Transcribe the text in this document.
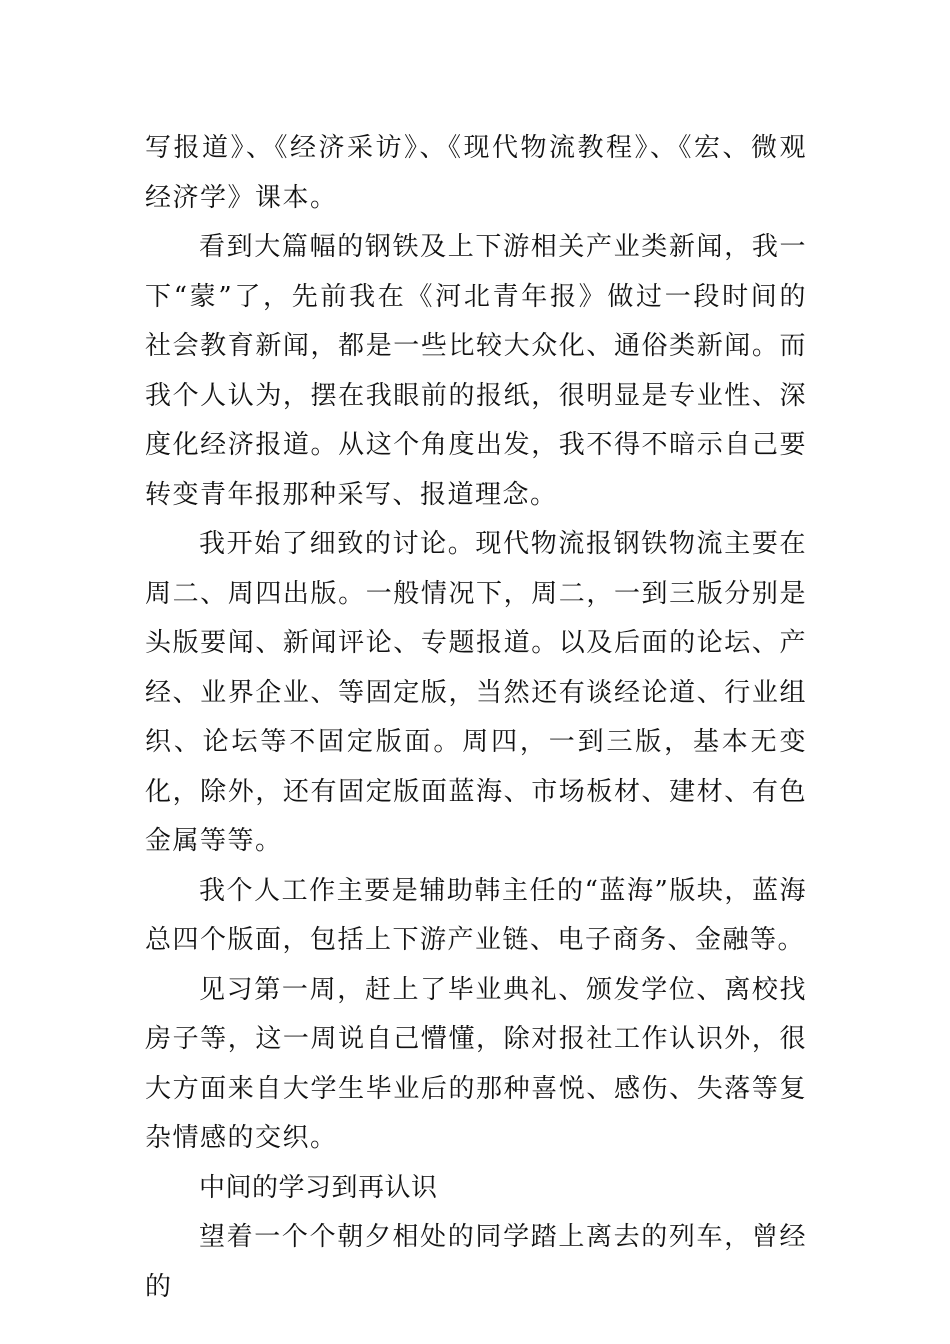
写报道》、《经济采访》、《现代物流教程》、《宏、微观经济学》课本。

看到大篇幅的钢铁及上下游相关产业类新闻，我一下“蒙”了，先前我在《河北青年报》做过一段时间的社会教育新闻，都是一些比较大众化、通俗类新闻。而我个人认为，摆在我眼前的报纸，很明显是专业性、深度化经济报道。从这个角度出发，我不得不暗示自己要转变青年报那种采写、报道理念。

我开始了细致的讨论。现代物流报钢铁物流主要在周二、周四出版。一般情况下，周二，一到三版分别是头版要闻、新闻评论、专题报道。以及后面的论坛、产经、业界企业、等固定版，当然还有谈经论道、行业组织、论坛等不固定版面。周四，一到三版，基本无变化，除外，还有固定版面蓝海、市场板材、建材、有色金属等等。

我个人工作主要是辅助韩主任的“蓝海”版块，蓝海总四个版面，包括上下游产业链、电子商务、金融等。

见习第一周，赶上了毕业典礼、颁发学位、离校找房子等，这一周说自己懵懂，除对报社工作认识外，很大方面来自大学生毕业后的那种喜悦、感伤、失落等复杂情感的交织。

中间的学习到再认识

望着一个个朝夕相处的同学踏上离去的列车，曾经的
